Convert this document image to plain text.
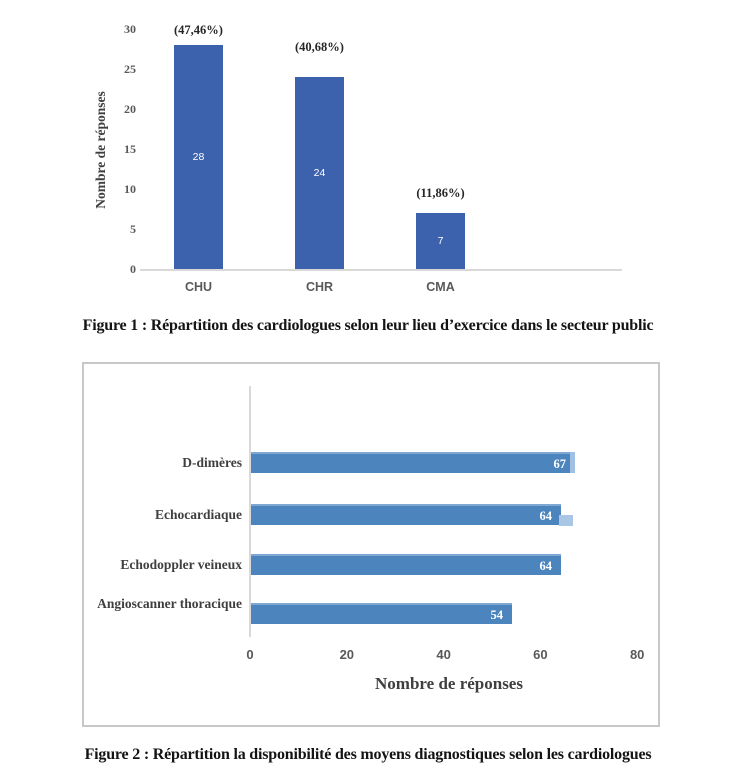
Nombre de réponses
0
5
10
15
20
25
30
28
(47,46%)
CHU
24
(40,68%)
CHR
7
(11,86%)
CMA
Figure 1 : Répartition des cardiologues selon leur lieu d’exercice dans le secteur public
D-dimères
Echocardiaque
Echodoppler veineux
Angioscanner thoracique
67
64
64
54
0	20	40	60	80
Nombre de réponses
Figure 2 : Répartition la disponibilité des moyens diagnostiques selon les cardiologues
